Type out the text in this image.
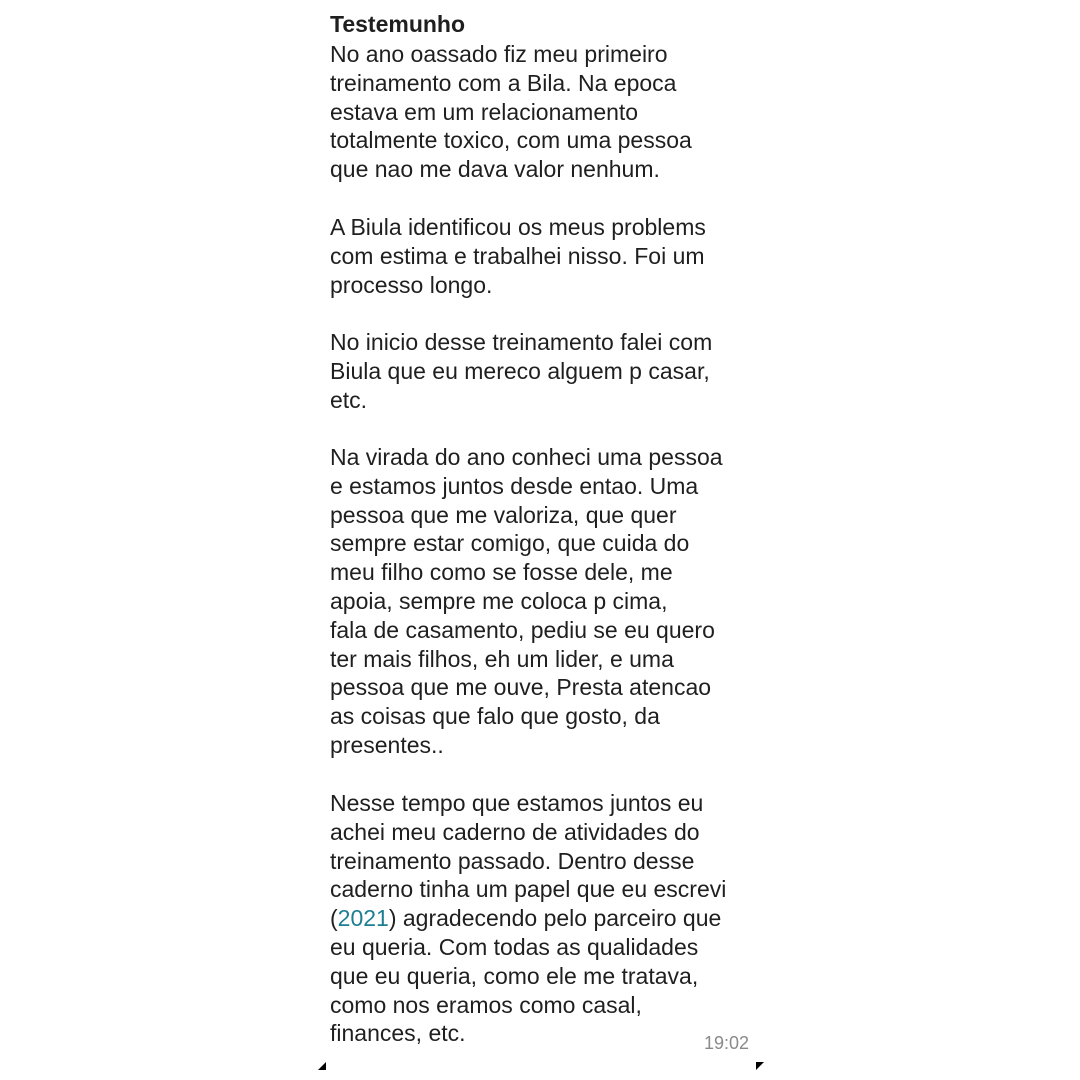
Testemunho

No ano oassado fiz meu primeiro
treinamento com a Bila. Na epoca
estava em um relacionamento
totalmente toxico, com uma pessoa
que nao me dava valor nenhum.

A Biula identificou os meus problems
com estima e trabalhei nisso. Foi um
processo longo.

No inicio desse treinamento falei com
Biula que eu mereco alguem p casar,
etc.

Na virada do ano conheci uma pessoa
e estamos juntos desde entao. Uma
pessoa que me valoriza, que quer
sempre estar comigo, que cuida do
meu filho como se fosse dele, me
apoia, sempre me coloca p cima,
fala de casamento, pediu se eu quero
ter mais filhos, eh um lider, e uma
pessoa que me ouve, Presta atencao
as coisas que falo que gosto, da
presentes..

Nesse tempo que estamos juntos eu
achei meu caderno de atividades do
treinamento passado. Dentro desse
caderno tinha um papel que eu escrevi
(2021) agradecendo pelo parceiro que
eu queria. Com todas as qualidades
que eu queria, como ele me tratava,
como nos eramos como casal,
finances, etc.	19:02
